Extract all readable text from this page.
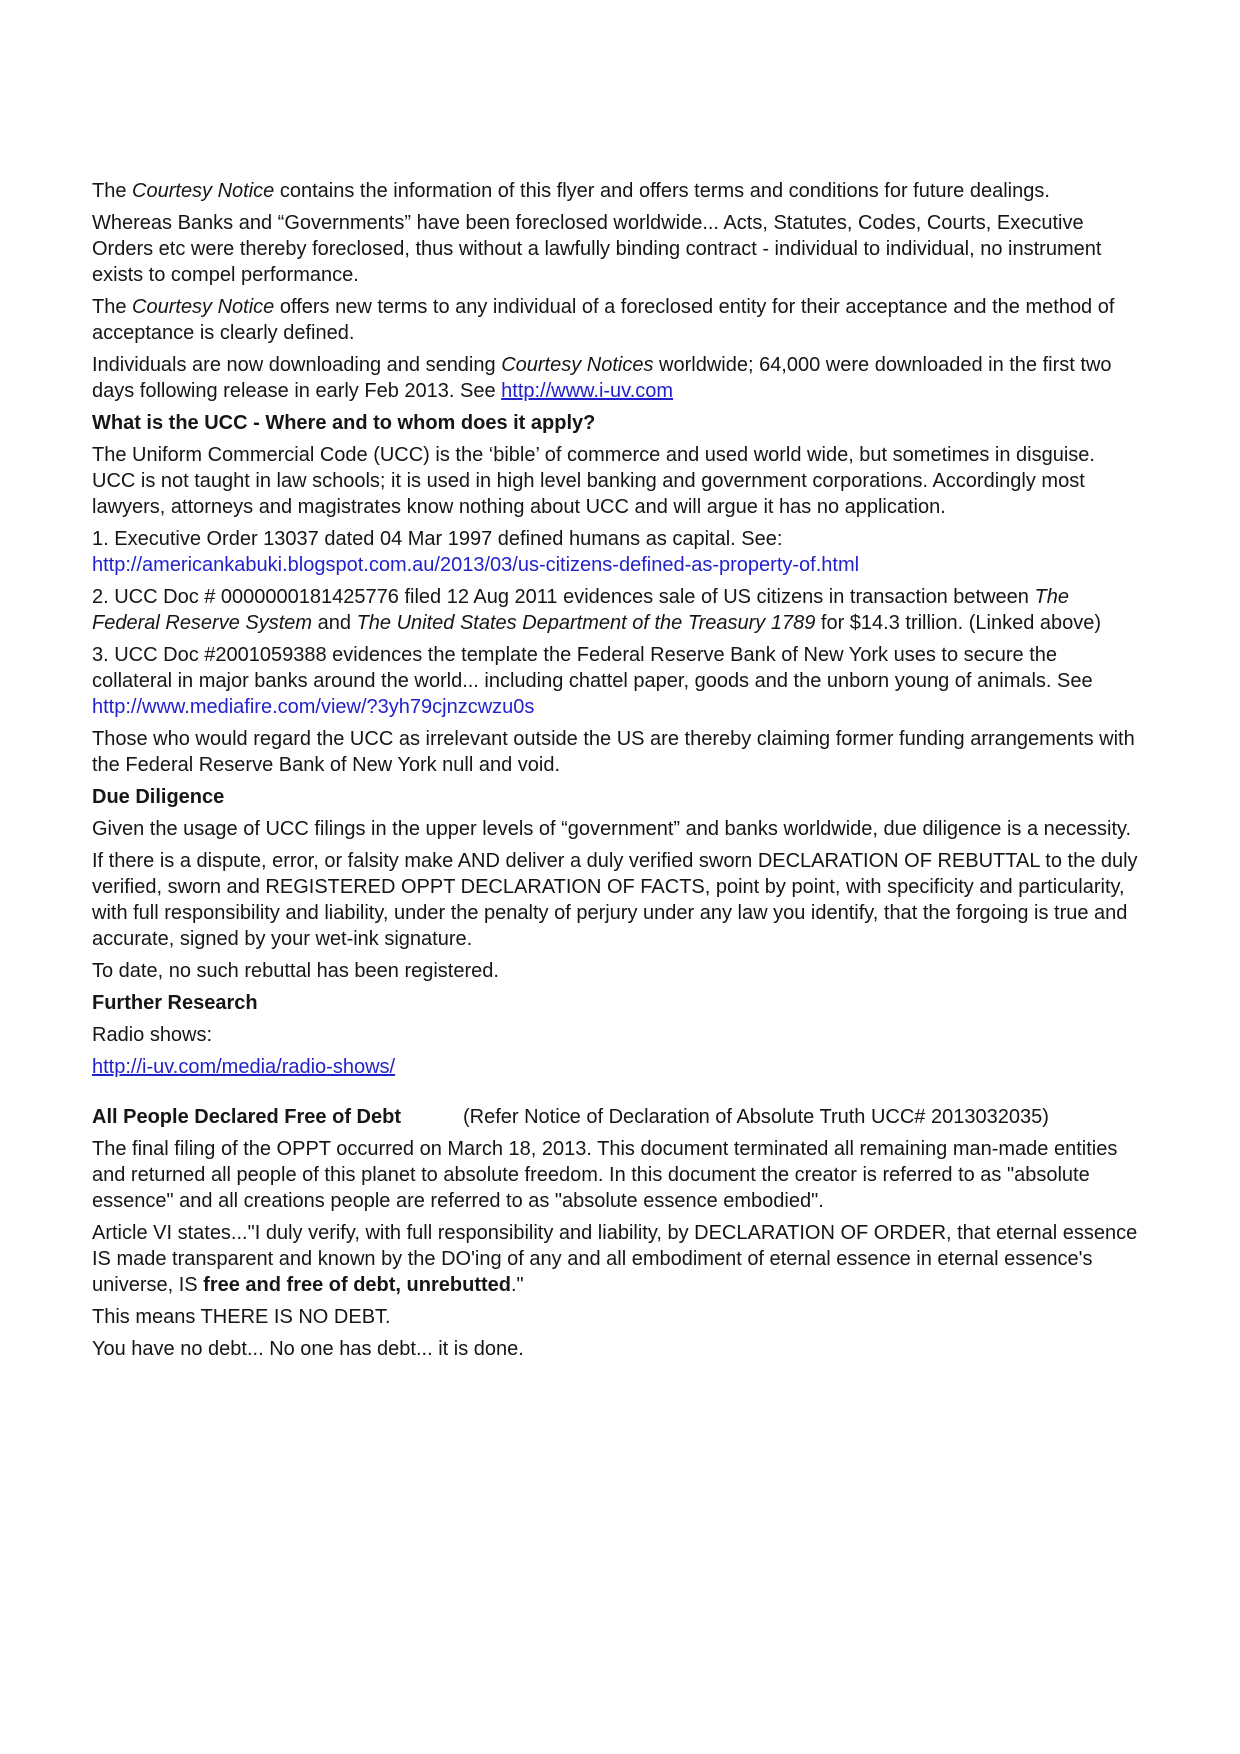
The Courtesy Notice contains the information of this flyer and offers terms and conditions for future dealings.

Whereas Banks and “Governments” have been foreclosed worldwide... Acts, Statutes, Codes, Courts, Executive Orders etc were thereby foreclosed, thus without a lawfully binding contract - individual to individual, no instrument exists to compel performance.

The Courtesy Notice offers new terms to any individual of a foreclosed entity for their acceptance and the method of acceptance is clearly defined.

Individuals are now downloading and sending Courtesy Notices worldwide; 64,000 were downloaded in the first two days following release in early Feb 2013. See http://www.i-uv.com

What is the UCC - Where and to whom does it apply?

The Uniform Commercial Code (UCC) is the ‘bible’ of commerce and used world wide, but sometimes in disguise. UCC is not taught in law schools; it is used in high level banking and government corporations. Accordingly most lawyers, attorneys and magistrates know nothing about UCC and will argue it has no application.

1. Executive Order 13037 dated 04 Mar 1997 defined humans as capital. See: http://americankabuki.blogspot.com.au/2013/03/us-citizens-defined-as-property-of.html

2. UCC Doc # 0000000181425776 filed 12 Aug 2011 evidences sale of US citizens in transaction between The Federal Reserve System and The United States Department of the Treasury 1789 for $14.3 trillion. (Linked above)

3. UCC Doc #2001059388 evidences the template the Federal Reserve Bank of New York uses to secure the collateral in major banks around the world... including chattel paper, goods and the unborn young of animals. See http://www.mediafire.com/view/?3yh79cjnzcwzu0s

Those who would regard the UCC as irrelevant outside the US are thereby claiming former funding arrangements with the Federal Reserve Bank of New York null and void.

Due Diligence

Given the usage of UCC filings in the upper levels of “government” and banks worldwide, due diligence is a necessity.

If there is a dispute, error, or falsity make AND deliver a duly verified sworn DECLARATION OF REBUTTAL to the duly verified, sworn and REGISTERED OPPT DECLARATION OF FACTS, point by point, with specificity and particularity, with full responsibility and liability, under the penalty of perjury under any law you identify, that the forgoing is true and accurate, signed by your wet-ink signature.

To date, no such rebuttal has been registered.

Further Research

Radio shows:

http://i-uv.com/media/radio-shows/

All People Declared Free of Debt	(Refer Notice of Declaration of Absolute Truth UCC# 2013032035)

The final filing of the OPPT occurred on March 18, 2013. This document terminated all remaining man-made entities and returned all people of this planet to absolute freedom. In this document the creator is referred to as "absolute essence" and all creations people are referred to as "absolute essence embodied".

Article VI states..."I duly verify, with full responsibility and liability, by DECLARATION OF ORDER, that eternal essence IS made transparent and known by the DO'ing of any and all embodiment of eternal essence in eternal essence's universe, IS free and free of debt, unrebutted."

This means THERE IS NO DEBT.

You have no debt... No one has debt... it is done.
